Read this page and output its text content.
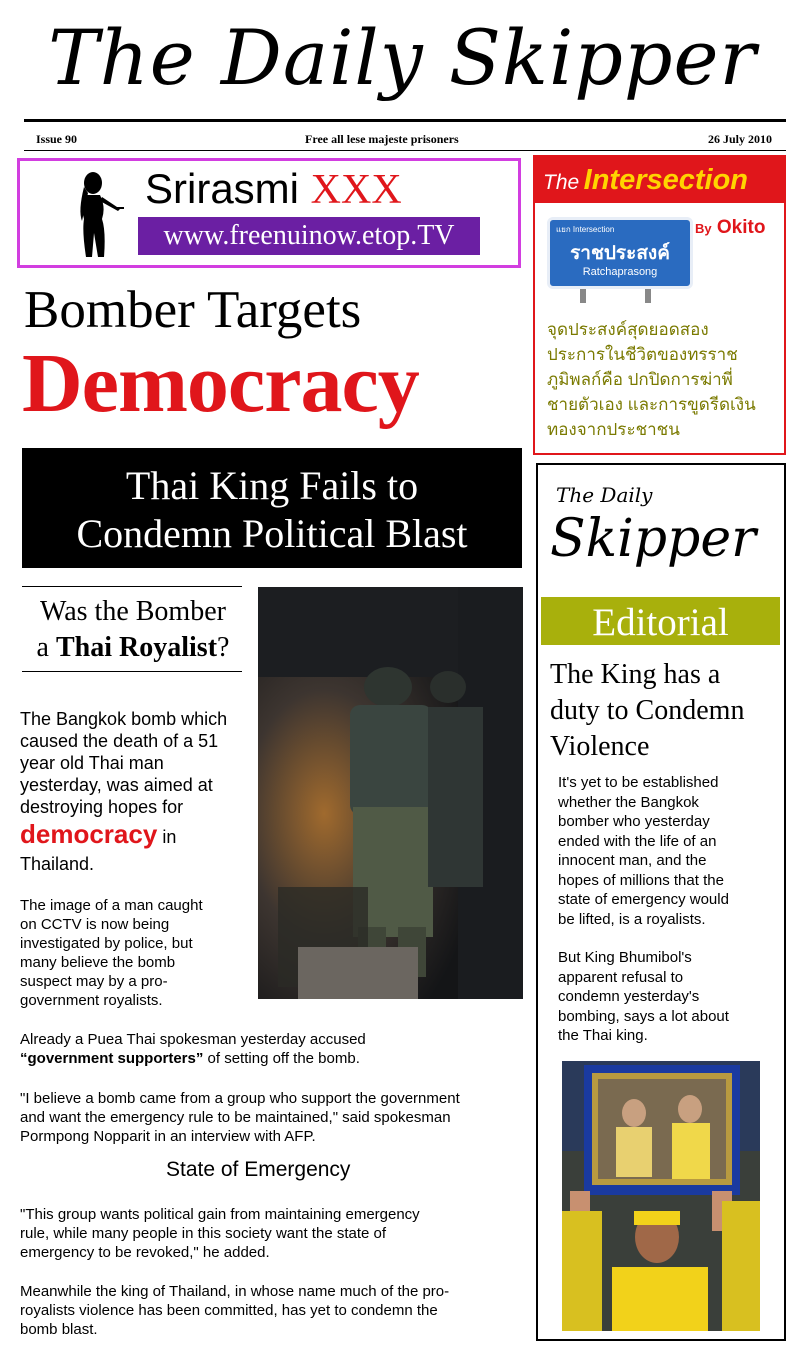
The Daily Skipper
Issue 90	Free all lese majeste prisoners	26 July 2010
Srirasmi XXX
www.freenuinow.etop.TV
The Intersection
แยก Intersection
ราชประสงค์
Ratchaprasong
By Okito
จุดประสงค์สุดยอดสอง
ประการในชีวิตของทรราช
ภูมิพลก์คือ ปกปิดการฆ่าพี่
ชายตัวเอง และการขูดรีดเงิน
ทองจากประชาชน
Bomber Targets
Democracy
Thai King Fails to
Condemn Political Blast
Was the Bomber
a Thai Royalist?
The Bangkok bomb which
caused the death of a 51
year old Thai man
yesterday, was aimed at
destroying hopes for
democracy in
Thailand.
The image of a man caught
on CCTV is now being
investigated by police, but
many believe the bomb
suspect may by a pro-
government royalists.
Already a Puea Thai spokesman yesterday accused
“government supporters” of setting off the bomb.
"I believe a bomb came from a group who support the government
and want the emergency rule to be maintained," said spokesman
Pormpong Nopparit in an interview with AFP.
State of Emergency
"This group wants political gain from maintaining emergency
rule, while many people in this society want the state of
emergency to be revoked," he added.
Meanwhile the king of Thailand, in whose name much of the pro-
royalists violence has been committed, has yet to condemn the
bomb blast.
The Daily
Skipper
Editorial
The King has a
duty to Condemn
Violence
It's yet to be established
whether the Bangkok
bomber who yesterday
ended with the life of an
innocent man, and the
hopes of millions that the
state of emergency would
be lifted, is a royalists.
But King Bhumibol's
apparent refusal to
condemn yesterday's
bombing, says a lot about
the Thai king.
